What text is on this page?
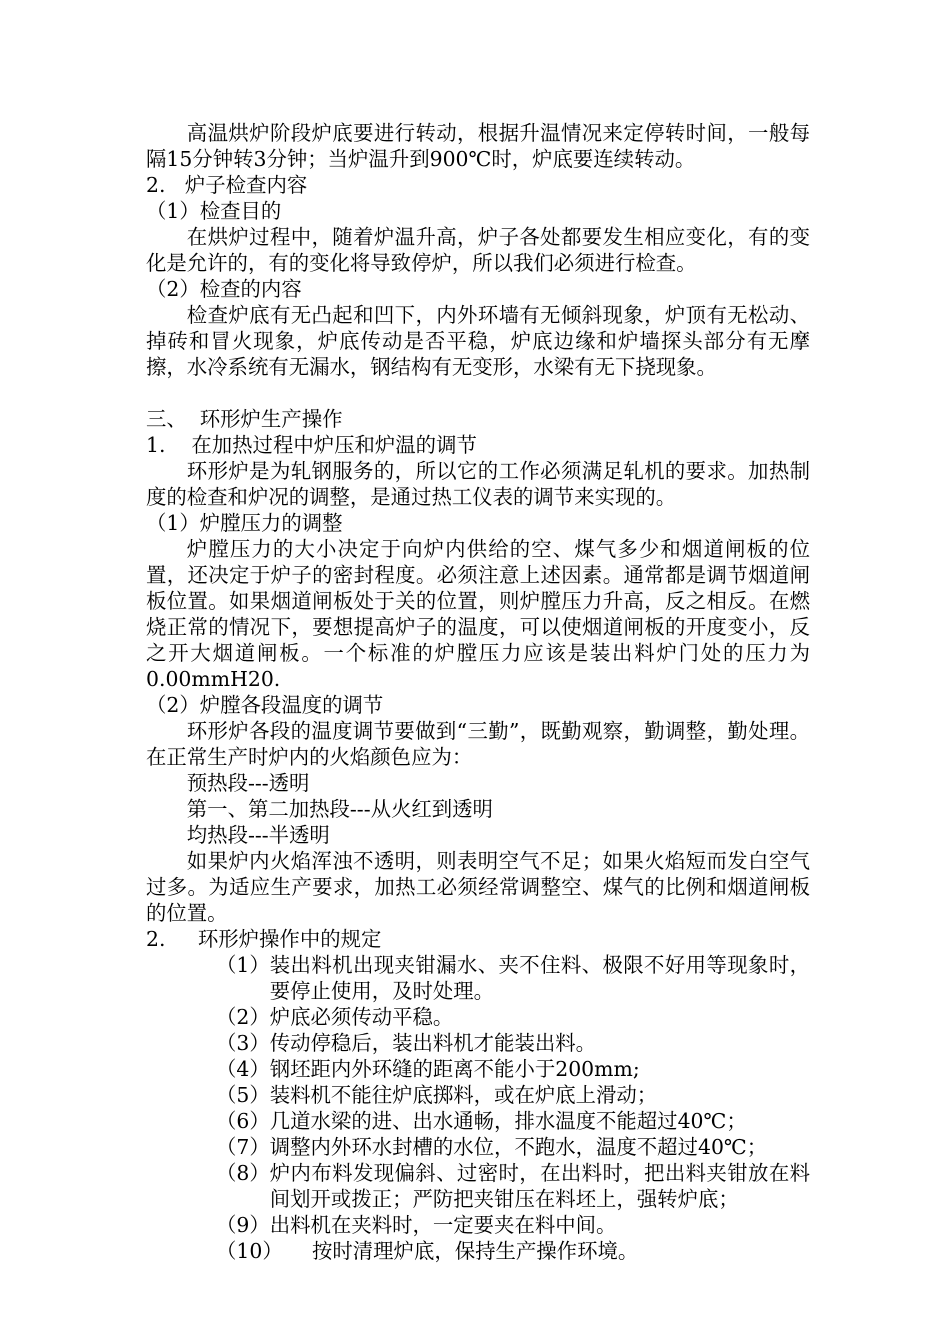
高温烘炉阶段炉底要进行转动，根据升温情况来定停转时间，一般每隔15分钟转3分钟；当炉温升到900℃时，炉底要连续转动。

2.   炉子检查内容

（1）检查目的

在烘炉过程中，随着炉温升高，炉子各处都要发生相应变化，有的变化是允许的，有的变化将导致停炉，所以我们必须进行检查。

（2）检查的内容

检查炉底有无凸起和凹下，内外环墙有无倾斜现象，炉顶有无松动、掉砖和冒火现象，炉底传动是否平稳，炉底边缘和炉墙探头部分有无摩擦，水冷系统有无漏水，钢结构有无变形，水梁有无下挠现象。

三、  环形炉生产操作

1.    在加热过程中炉压和炉温的调节

环形炉是为轧钢服务的，所以它的工作必须满足轧机的要求。加热制度的检查和炉况的调整，是通过热工仪表的调节来实现的。

（1）炉膛压力的调整

炉膛压力的大小决定于向炉内供给的空、煤气多少和烟道闸板的位置，还决定于炉子的密封程度。必须注意上述因素。通常都是调节烟道闸板位置。如果烟道闸板处于关的位置，则炉膛压力升高，反之相反。在燃烧正常的情况下，要想提高炉子的温度，可以使烟道闸板的开度变小，反之开大烟道闸板。一个标准的炉膛压力应该是装出料炉门处的压力为0.00mmH20.

（2）炉膛各段温度的调节

环形炉各段的温度调节要做到“三勤”，既勤观察，勤调整，勤处理。在正常生产时炉内的火焰颜色应为：

预热段---透明

第一、第二加热段---从火红到透明

均热段---半透明

如果炉内火焰浑浊不透明，则表明空气不足；如果火焰短而发白空气过多。为适应生产要求，加热工必须经常调整空、煤气的比例和烟道闸板的位置。

2.     环形炉操作中的规定

（1） 装出料机出现夹钳漏水、夹不住料、极限不好用等现象时，要停止使用，及时处理。
（2） 炉底必须传动平稳。
（3） 传动停稳后，装出料机才能装出料。
（4） 钢坯距内外环缝的距离不能小于200mm;
（5） 装料机不能往炉底掷料，或在炉底上滑动；
（6） 几道水梁的进、出水通畅，排水温度不能超过40℃；
（7） 调整内外环水封槽的水位，不跑水，温度不超过40℃；
（8） 炉内布料发现偏斜、过密时，在出料时，把出料夹钳放在料间划开或拨正；严防把夹钳压在料坯上，强转炉底；
（9） 出料机在夹料时，一定要夹在料中间。
（10）	按时清理炉底，保持生产操作环境。
